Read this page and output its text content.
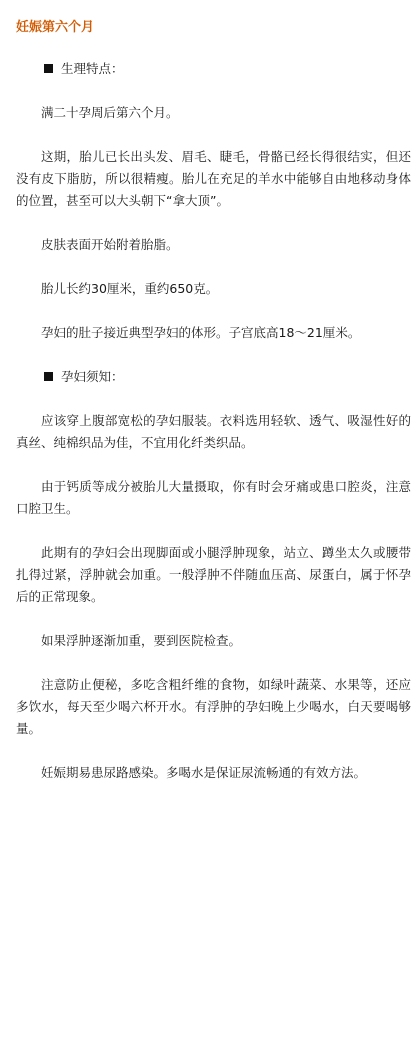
妊娠第六个月
生理特点：

满二十孕周后第六个月。

这期，胎儿已长出头发、眉毛、睫毛，骨骼已经长得很结实，但还没有皮下脂肪，所以很精瘦。胎儿在充足的羊水中能够自由地移动身体的位置，甚至可以大头朝下“拿大顶”。

皮肤表面开始附着胎脂。

胎儿长约30厘米，重约650克。

孕妇的肚子接近典型孕妇的体形。子宫底高18～21厘米。

孕妇须知：

应该穿上腹部宽松的孕妇服装。衣料选用轻软、透气、吸湿性好的真丝、纯棉织品为佳，不宜用化纤类织品。

由于钙质等成分被胎儿大量摄取，你有时会牙痛或患口腔炎，注意口腔卫生。

此期有的孕妇会出现脚面或小腿浮肿现象，站立、蹲坐太久或腰带扎得过紧，浮肿就会加重。一般浮肿不伴随血压高、尿蛋白，属于怀孕后的正常现象。

如果浮肿逐渐加重，要到医院检查。

注意防止便秘，多吃含粗纤维的食物，如绿叶蔬菜、水果等，还应多饮水，每天至少喝六杯开水。有浮肿的孕妇晚上少喝水，白天要喝够量。

妊娠期易患尿路感染。多喝水是保证尿流畅通的有效方法。
